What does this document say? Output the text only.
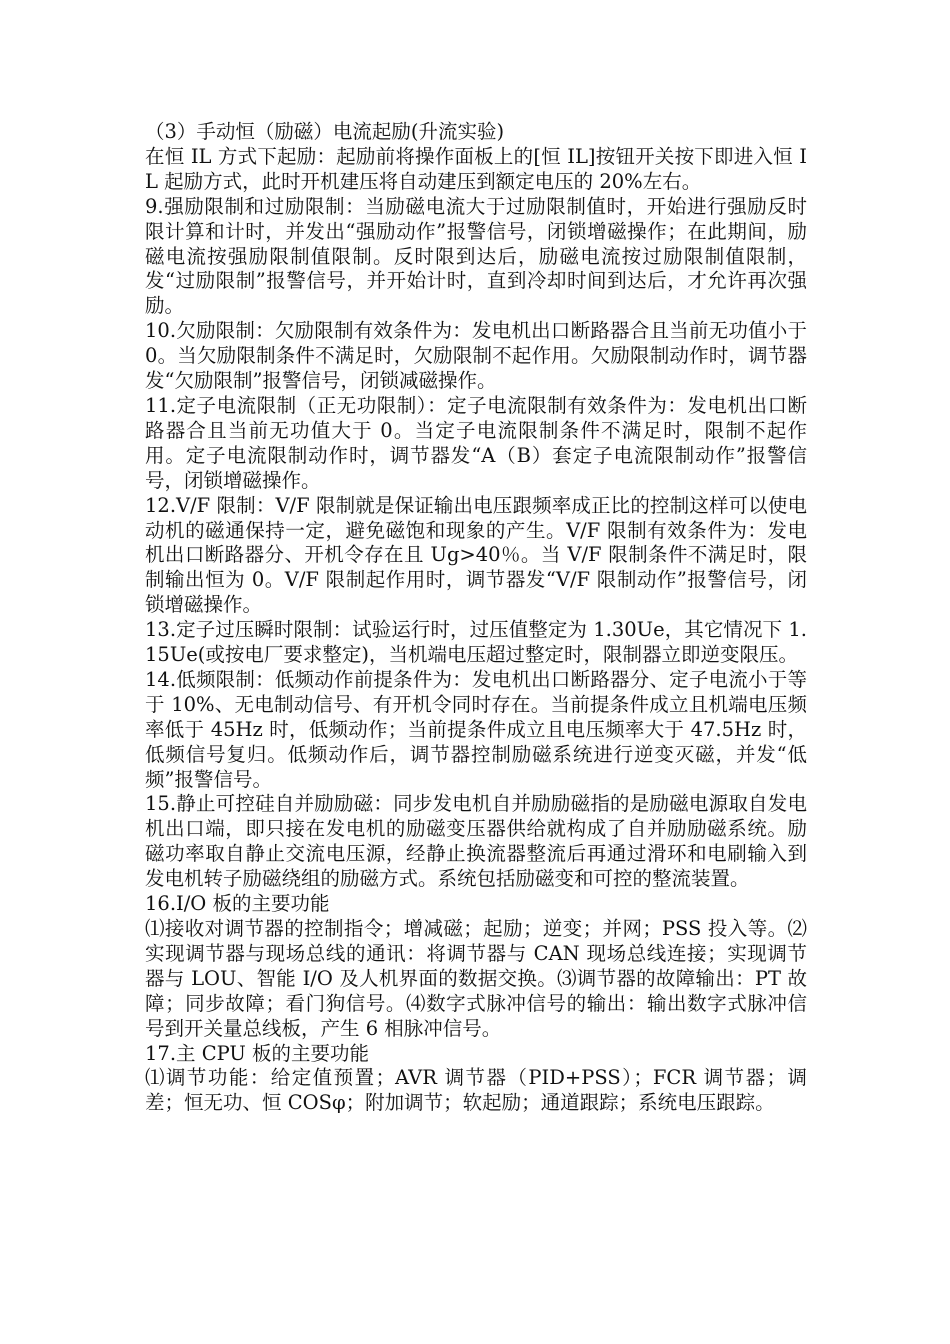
（3）手动恒（励磁）电流起励(升流实验)

在恒 IL 方式下起励：起励前将操作面板上的[恒 IL]按钮开关按下即进入恒 IL 起励方式，此时开机建压将自动建压到额定电压的 20%左右。

9.强励限制和过励限制：当励磁电流大于过励限制值时，开始进行强励反时限计算和计时，并发出“强励动作”报警信号，闭锁增磁操作；在此期间，励磁电流按强励限制值限制。反时限到达后，励磁电流按过励限制值限制，发“过励限制”报警信号，并开始计时，直到冷却时间到达后，才允许再次强励。

10.欠励限制：欠励限制有效条件为：发电机出口断路器合且当前无功值小于 0。当欠励限制条件不满足时，欠励限制不起作用。欠励限制动作时，调节器发“欠励限制”报警信号，闭锁减磁操作。

11.定子电流限制（正无功限制）：定子电流限制有效条件为：发电机出口断路器合且当前无功值大于 0。当定子电流限制条件不满足时，限制不起作用。定子电流限制动作时，调节器发“A（B）套定子电流限制动作”报警信号，闭锁增磁操作。

12.V/F 限制：V/F 限制就是保证输出电压跟频率成正比的控制这样可以使电动机的磁通保持一定，避免磁饱和现象的产生。V/F 限制有效条件为：发电机出口断路器分、开机令存在且 Ug>40％。当 V/F 限制条件不满足时，限制输出恒为 0。V/F 限制起作用时，调节器发“V/F 限制动作”报警信号，闭锁增磁操作。

13.定子过压瞬时限制：试验运行时，过压值整定为 1.30Ue，其它情况下 1.15Ue(或按电厂要求整定)，当机端电压超过整定时，限制器立即逆变限压。

14.低频限制：低频动作前提条件为：发电机出口断路器分、定子电流小于等于 10%、无电制动信号、有开机令同时存在。当前提条件成立且机端电压频率低于 45Hz 时，低频动作；当前提条件成立且电压频率大于 47.5Hz 时，低频信号复归。低频动作后，调节器控制励磁系统进行逆变灭磁，并发“低频”报警信号。

15.静止可控硅自并励励磁：同步发电机自并励励磁指的是励磁电源取自发电机出口端，即只接在发电机的励磁变压器供给就构成了自并励励磁系统。励磁功率取自静止交流电压源，经静止换流器整流后再通过滑环和电刷输入到发电机转子励磁绕组的励磁方式。系统包括励磁变和可控的整流装置。

16.I/O 板的主要功能

⑴接收对调节器的控制指令；增减磁；起励；逆变；并网；PSS 投入等。⑵实现调节器与现场总线的通讯：将调节器与 CAN 现场总线连接；实现调节器与 LOU、智能 I/O 及人机界面的数据交换。⑶调节器的故障输出：PT 故障；同步故障；看门狗信号。⑷数字式脉冲信号的输出：输出数字式脉冲信号到开关量总线板，产生 6 相脉冲信号。

17.主 CPU 板的主要功能

⑴调节功能：给定值预置；AVR 调节器（PID+PSS）；FCR 调节器；调差；恒无功、恒 COSφ；附加调节；软起励；通道跟踪；系统电压跟踪。
